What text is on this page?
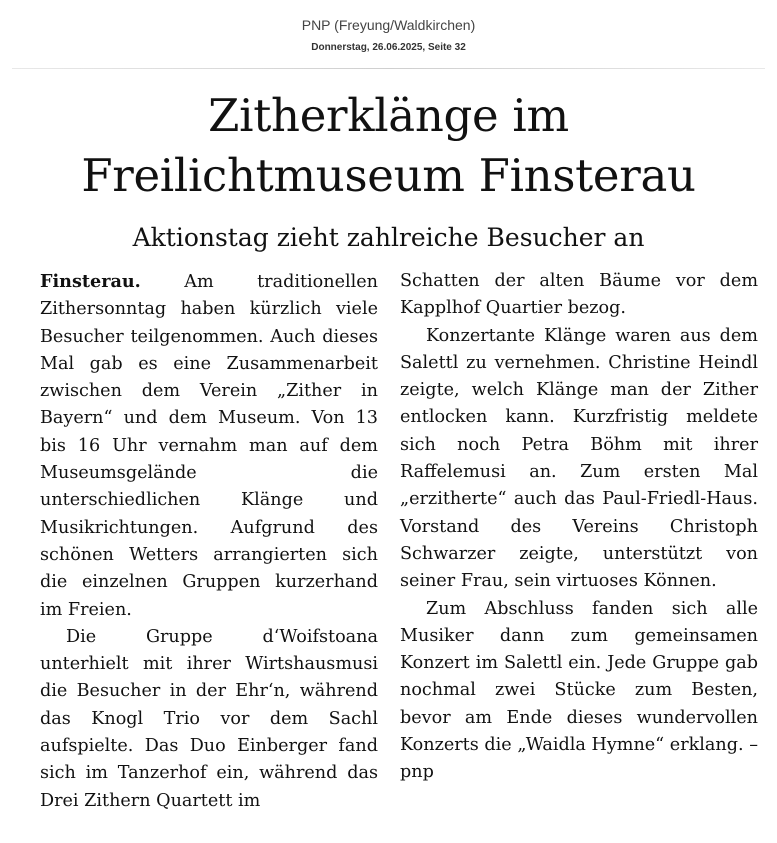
PNP (Freyung/Waldkirchen)
Donnerstag, 26.06.2025, Seite 32
Zitherklänge im
Freilichtmuseum Finsterau
Aktionstag zieht zahlreiche Besucher an

Finsterau. Am traditionellen Zithersonntag haben kürzlich viele Besucher teilgenommen. Auch dieses Mal gab es eine Zusammenarbeit zwischen dem Verein „Zither in Bayern“ und dem Museum. Von 13 bis 16 Uhr vernahm man auf dem Museumsgelände die unterschiedlichen Klänge und Musikrichtungen. Aufgrund des schönen Wetters arrangierten sich die einzelnen Gruppen kurzerhand im Freien.

Die Gruppe d‘Woifstoana unterhielt mit ihrer Wirtshausmusi die Besucher in der Ehr‘n, während das Knogl Trio vor dem Sachl aufspielte. Das Duo Einberger fand sich im Tanzerhof ein, während das Drei Zithern Quartett im

Schatten der alten Bäume vor dem Kapplhof Quartier bezog.

Konzertante Klänge waren aus dem Salettl zu vernehmen. Christine Heindl zeigte, welch Klänge man der Zither entlocken kann. Kurzfristig meldete sich noch Petra Böhm mit ihrer Raffelemusi an. Zum ersten Mal „erzitherte“ auch das Paul-Friedl-Haus. Vorstand des Vereins Christoph Schwarzer zeigte, unterstützt von seiner Frau, sein virtuoses Können.

Zum Abschluss fanden sich alle Musiker dann zum gemeinsamen Konzert im Salettl ein. Jede Gruppe gab nochmal zwei Stücke zum Besten, bevor am Ende dieses wundervollen Konzerts die „Waidla Hymne“ erklang. – pnp
